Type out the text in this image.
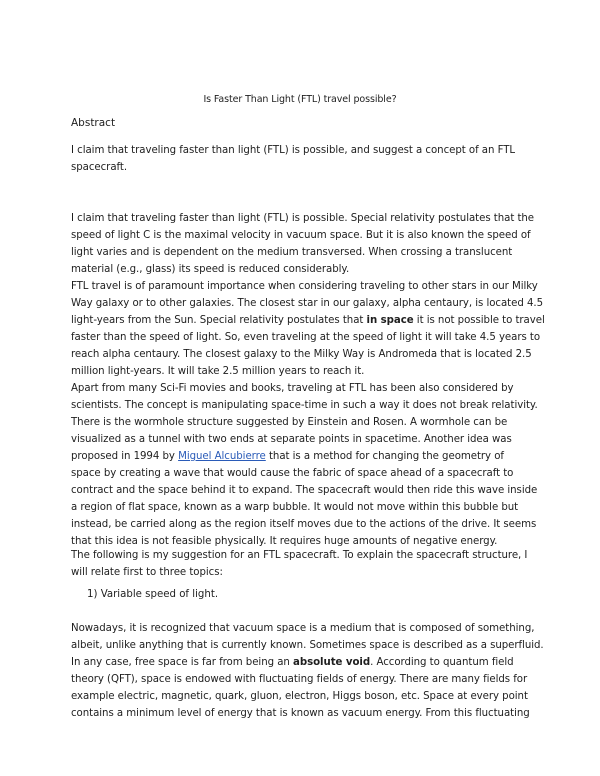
Is Faster Than Light (FTL) travel possible?
Abstract
I claim that traveling faster than light (FTL) is possible, and suggest a concept of an FTL
spacecraft.
I claim that traveling faster than light (FTL) is possible. Special relativity postulates that the
speed of light C is the maximal velocity in vacuum space. But it is also known the speed of
light varies and is dependent on the medium transversed. When crossing a translucent
material (e.g., glass) its speed is reduced considerably.
FTL travel is of paramount importance when considering traveling to other stars in our Milky
Way galaxy or to other galaxies. The closest star in our galaxy, alpha centaury, is located 4.5
light-years from the Sun. Special relativity postulates that in space it is not possible to travel
faster than the speed of light. So, even traveling at the speed of light it will take 4.5 years to
reach alpha centaury. The closest galaxy to the Milky Way is Andromeda that is located 2.5
million light-years. It will take 2.5 million years to reach it.
Apart from many Sci-Fi movies and books, traveling at FTL has been also considered by
scientists. The concept is manipulating space-time in such a way it does not break relativity.
There is the wormhole structure suggested by Einstein and Rosen. A wormhole can be
visualized as a tunnel with two ends at separate points in spacetime. Another idea was
proposed in 1994 by Miguel Alcubierre that is a method for changing the geometry of
space by creating a wave that would cause the fabric of space ahead of a spacecraft to
contract and the space behind it to expand. The spacecraft would then ride this wave inside
a region of flat space, known as a warp bubble. It would not move within this bubble but
instead, be carried along as the region itself moves due to the actions of the drive. It seems
that this idea is not feasible physically. It requires huge amounts of negative energy.
The following is my suggestion for an FTL spacecraft. To explain the spacecraft structure, I
will relate first to three topics:
1) Variable speed of light.
Nowadays, it is recognized that vacuum space is a medium that is composed of something,
albeit, unlike anything that is currently known. Sometimes space is described as a superfluid.
In any case, free space is far from being an absolute void. According to quantum field
theory (QFT), space is endowed with fluctuating fields of energy. There are many fields for
example electric, magnetic, quark, gluon, electron, Higgs boson, etc. Space at every point
contains a minimum level of energy that is known as vacuum energy. From this fluctuating
